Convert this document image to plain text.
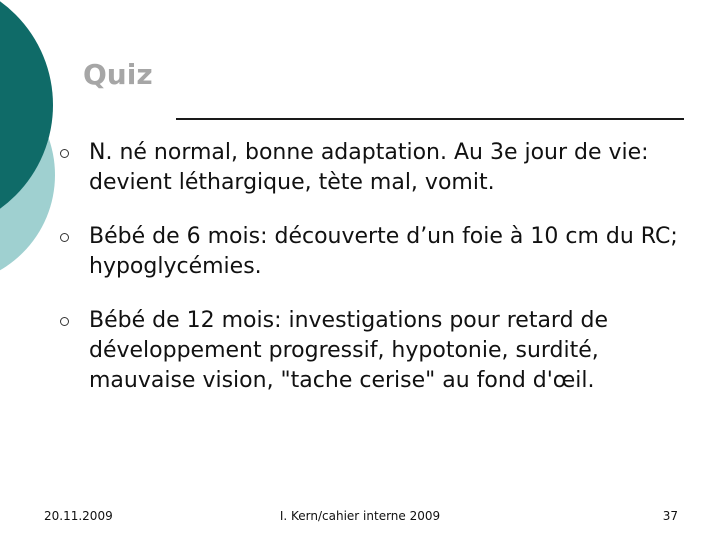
Quiz
N. né normal, bonne adaptation. Au 3e jour de vie: devient léthargique, tète mal, vomit.
Bébé de 6 mois: découverte d’un foie à 10 cm du RC; hypoglycémies.
Bébé de 12 mois: investigations pour retard de développement progressif, hypotonie, surdité, mauvaise vision, "tache cerise" au fond d'œil.
20.11.2009	I. Kern/cahier interne 2009	37
